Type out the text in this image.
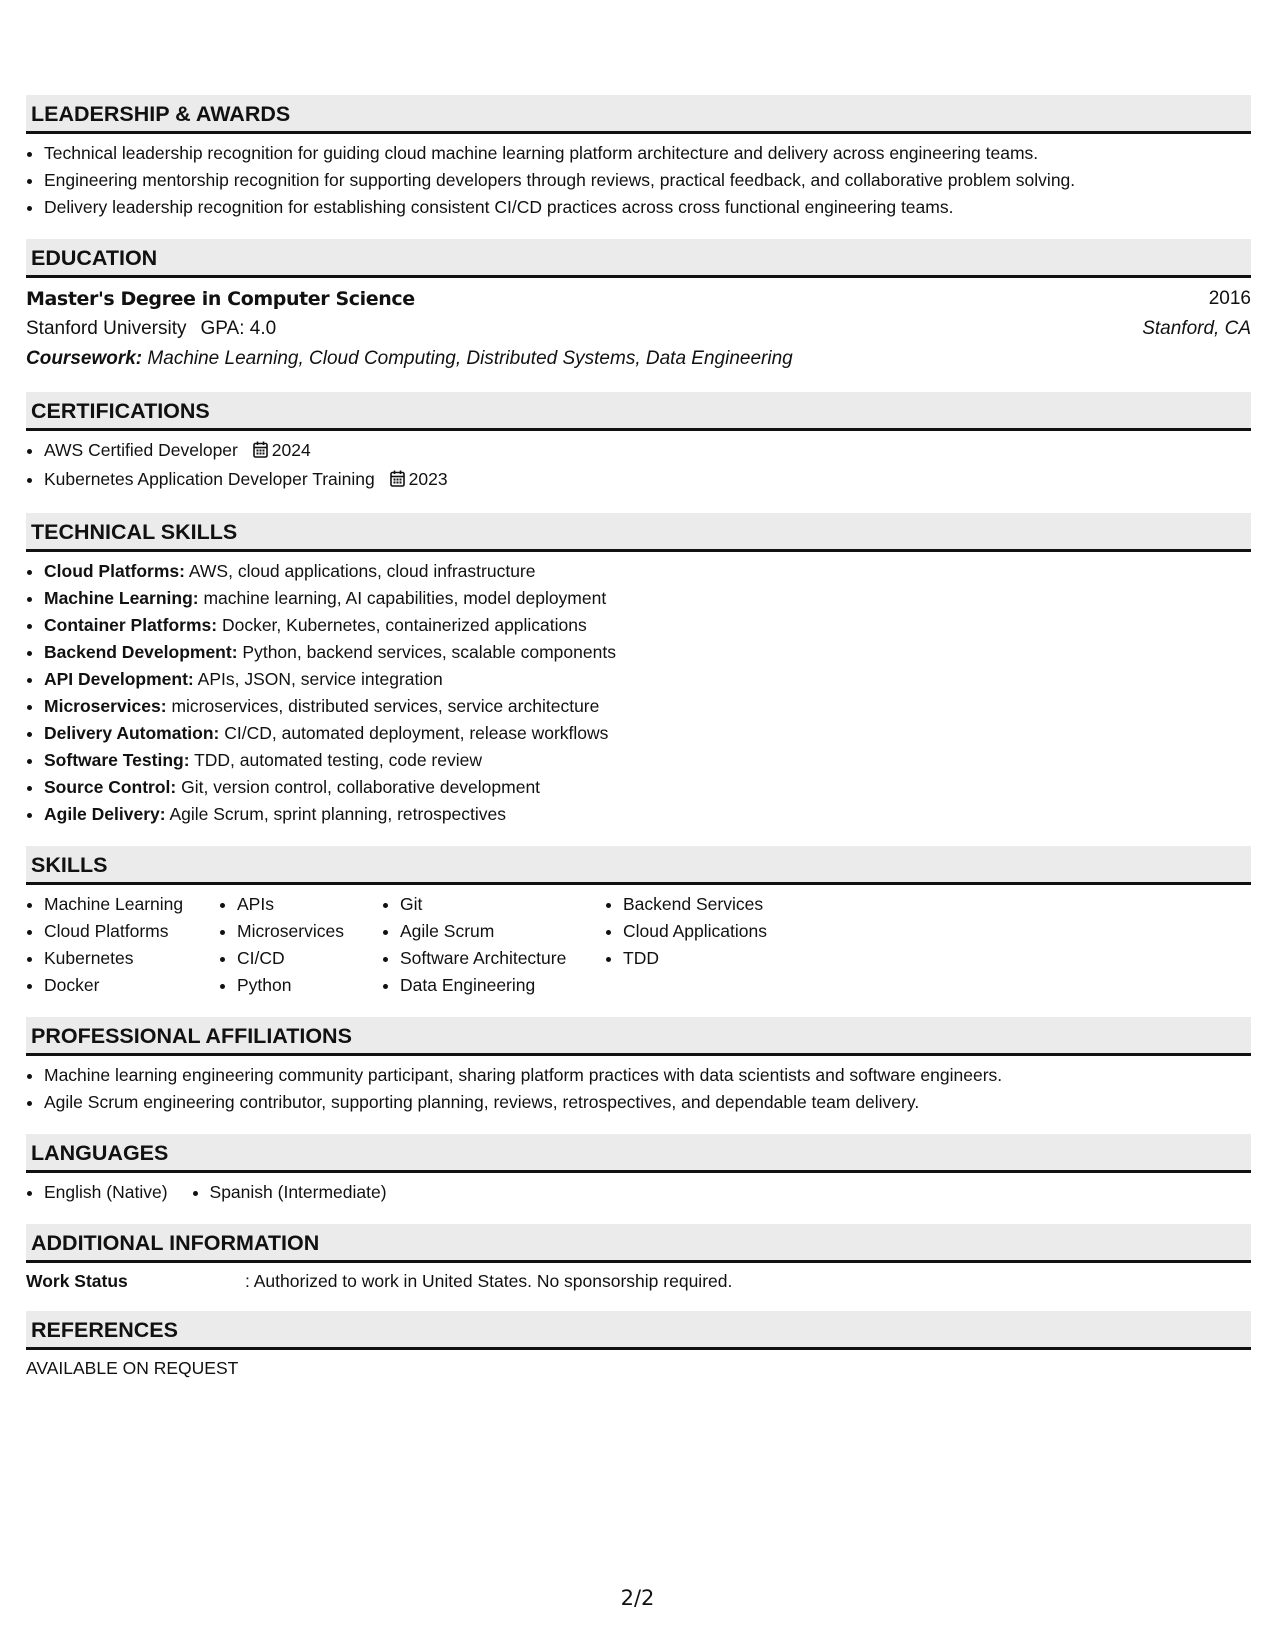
LEADERSHIP & AWARDS
• Technical leadership recognition for guiding cloud machine learning platform architecture and delivery across engineering teams.
• Engineering mentorship recognition for supporting developers through reviews, practical feedback, and collaborative problem solving.
• Delivery leadership recognition for establishing consistent CI/CD practices across cross functional engineering teams.
EDUCATION
Master's Degree in Computer Science	2016
Stanford University GPA: 4.0	Stanford, CA
Coursework: Machine Learning, Cloud Computing, Distributed Systems, Data Engineering
CERTIFICATIONS
• AWS Certified Developer 2024
• Kubernetes Application Developer Training 2023
TECHNICAL SKILLS
• Cloud Platforms: AWS, cloud applications, cloud infrastructure
• Machine Learning: machine learning, AI capabilities, model deployment
• Container Platforms: Docker, Kubernetes, containerized applications
• Backend Development: Python, backend services, scalable components
• API Development: APIs, JSON, service integration
• Microservices: microservices, distributed services, service architecture
• Delivery Automation: CI/CD, automated deployment, release workflows
• Software Testing: TDD, automated testing, code review
• Source Control: Git, version control, collaborative development
• Agile Delivery: Agile Scrum, sprint planning, retrospectives
SKILLS
• Machine Learning
• Cloud Platforms
• Kubernetes
• Docker
• APIs
• Microservices
• CI/CD
• Python
• Git
• Agile Scrum
• Software Architecture
• Data Engineering
• Backend Services
• Cloud Applications
• TDD
PROFESSIONAL AFFILIATIONS
• Machine learning engineering community participant, sharing platform practices with data scientists and software engineers.
• Agile Scrum engineering contributor, supporting planning, reviews, retrospectives, and dependable team delivery.
LANGUAGES
• English (Native)
• Spanish (Intermediate)
ADDITIONAL INFORMATION
Work Status	: Authorized to work in United States. No sponsorship required.
REFERENCES
AVAILABLE ON REQUEST
2/2
